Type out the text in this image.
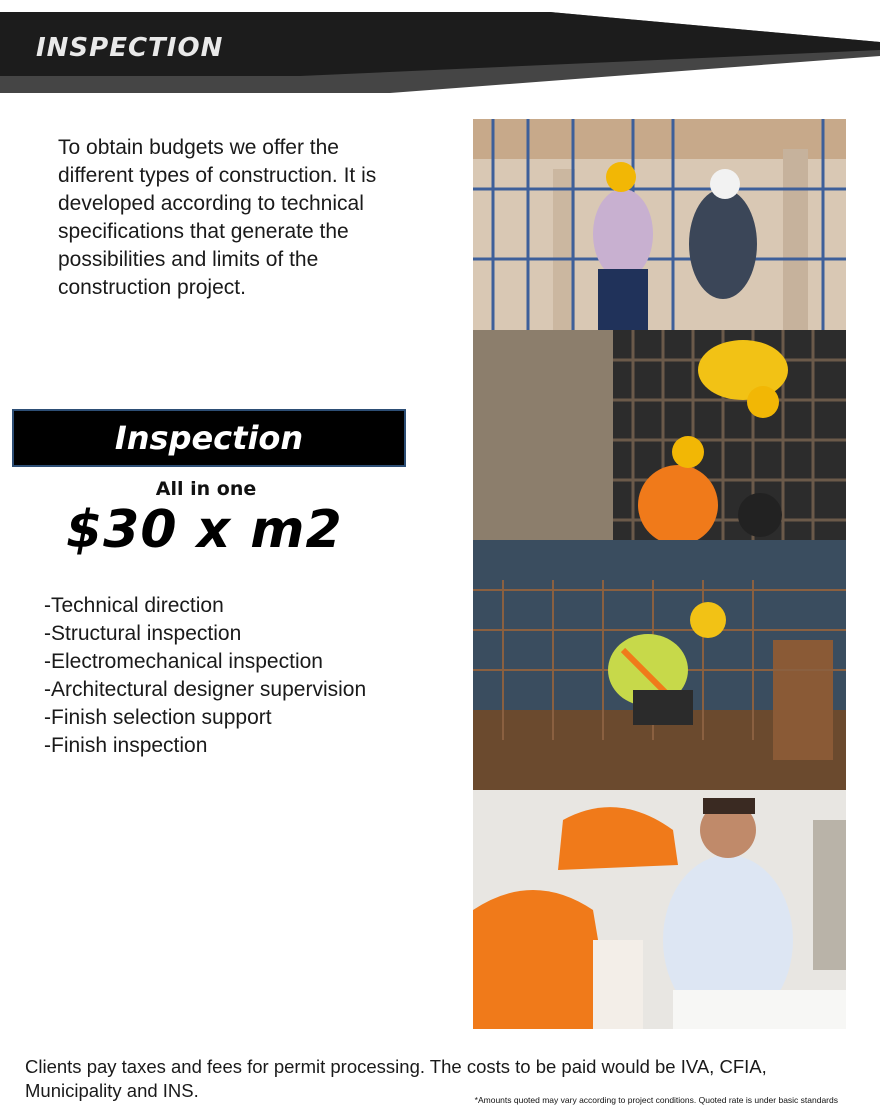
INSPECTION

To obtain budgets we offer the different types of construction. It is developed according to technical specifications that generate the possibilities and limits of the construction project.

Inspection
All in one
$30 x m2
-Technical direction
-Structural inspection
-Electromechanical inspection
-Architectural designer supervision
-Finish selection support
-Finish inspection

Clients pay taxes and fees for permit processing. The costs to be paid would be IVA, CFIA, Municipality and INS.	*Amounts quoted may vary according to project conditions. Quoted rate is under basic standards
